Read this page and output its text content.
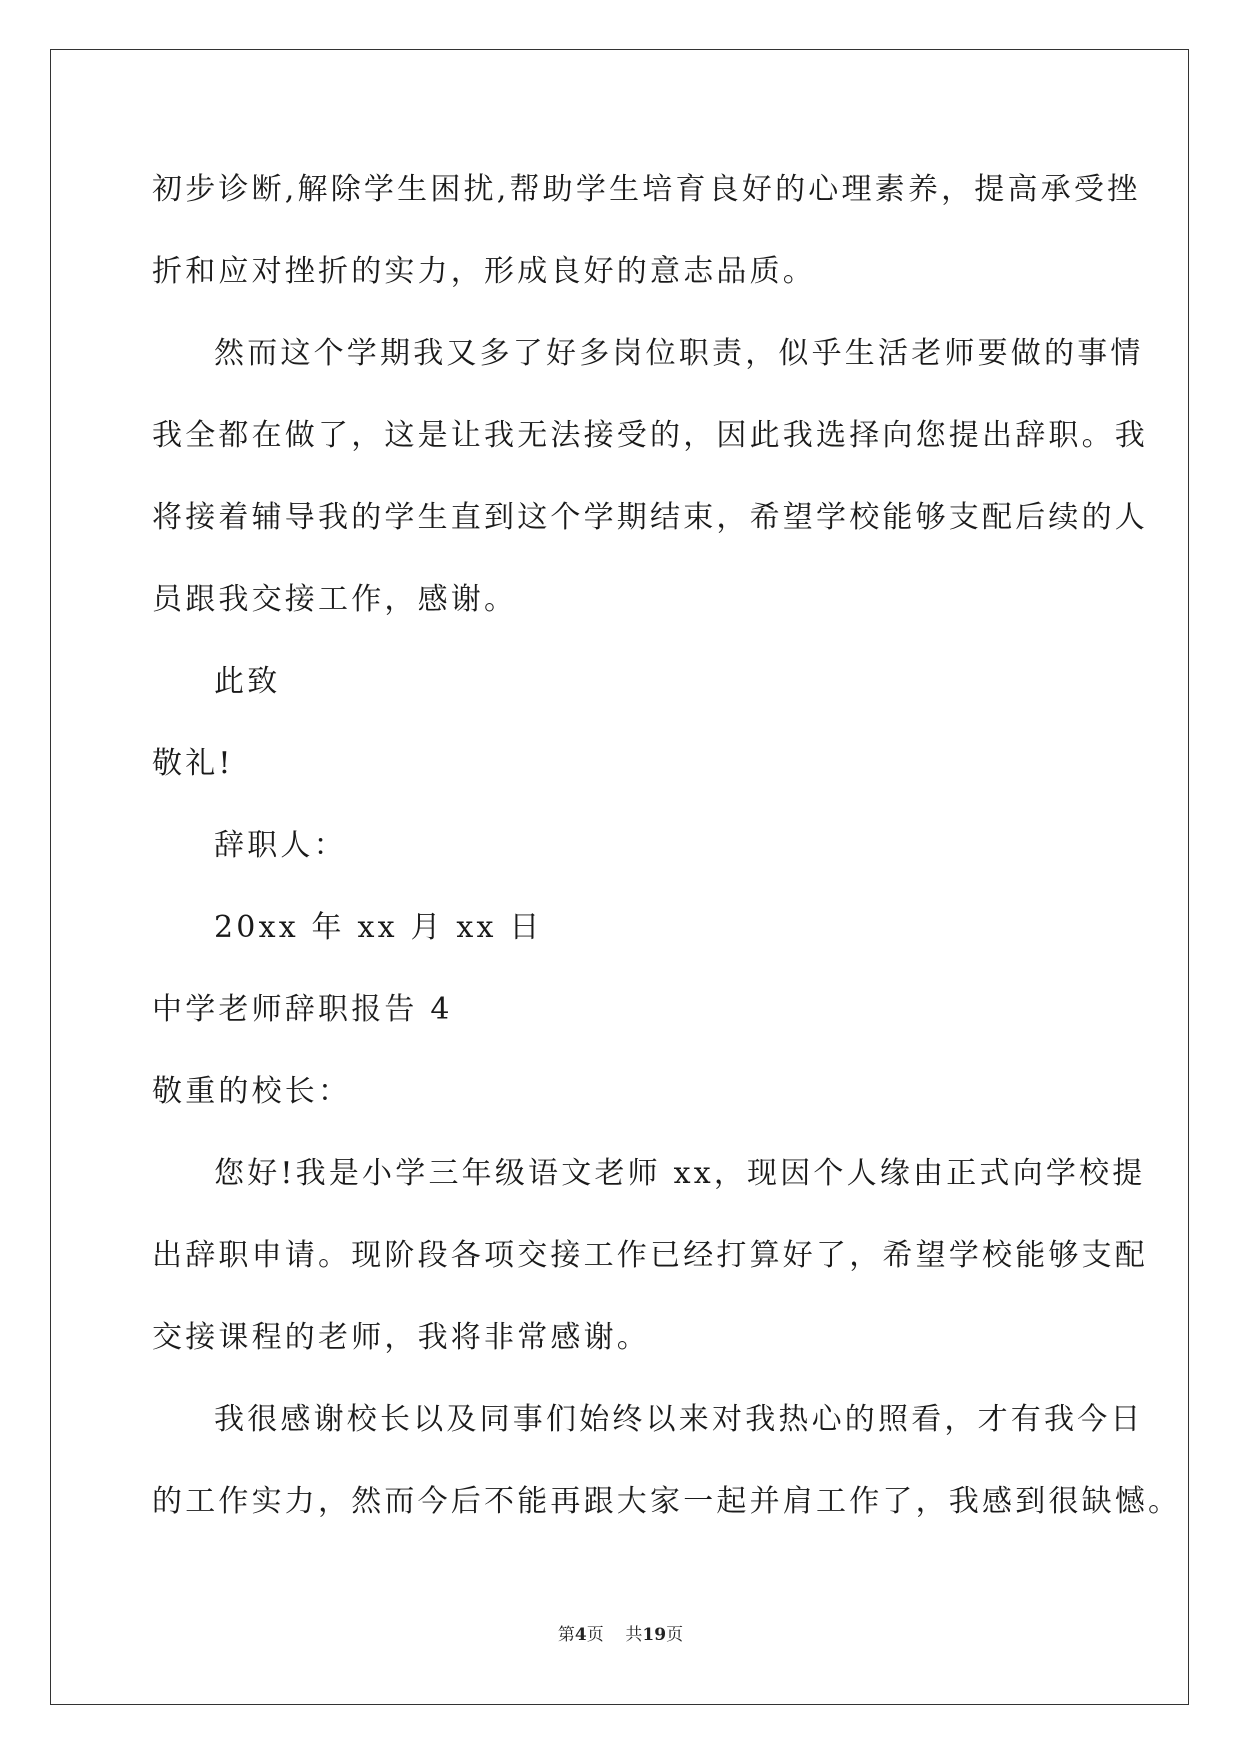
初步诊断,解除学生困扰,帮助学生培育良好的心理素养，提高承受挫
折和应对挫折的实力，形成良好的意志品质。
然而这个学期我又多了好多岗位职责，似乎生活老师要做的事情
我全都在做了，这是让我无法接受的，因此我选择向您提出辞职。我
将接着辅导我的学生直到这个学期结束，希望学校能够支配后续的人
员跟我交接工作，感谢。
此致
敬礼!
辞职人：
20xx 年 xx 月 xx 日
中学老师辞职报告 4
敬重的校长：
您好!我是小学三年级语文老师 xx，现因个人缘由正式向学校提
出辞职申请。现阶段各项交接工作已经打算好了，希望学校能够支配
交接课程的老师，我将非常感谢。
我很感谢校长以及同事们始终以来对我热心的照看，才有我今日
的工作实力，然而今后不能再跟大家一起并肩工作了，我感到很缺憾。
第4页 共19页
